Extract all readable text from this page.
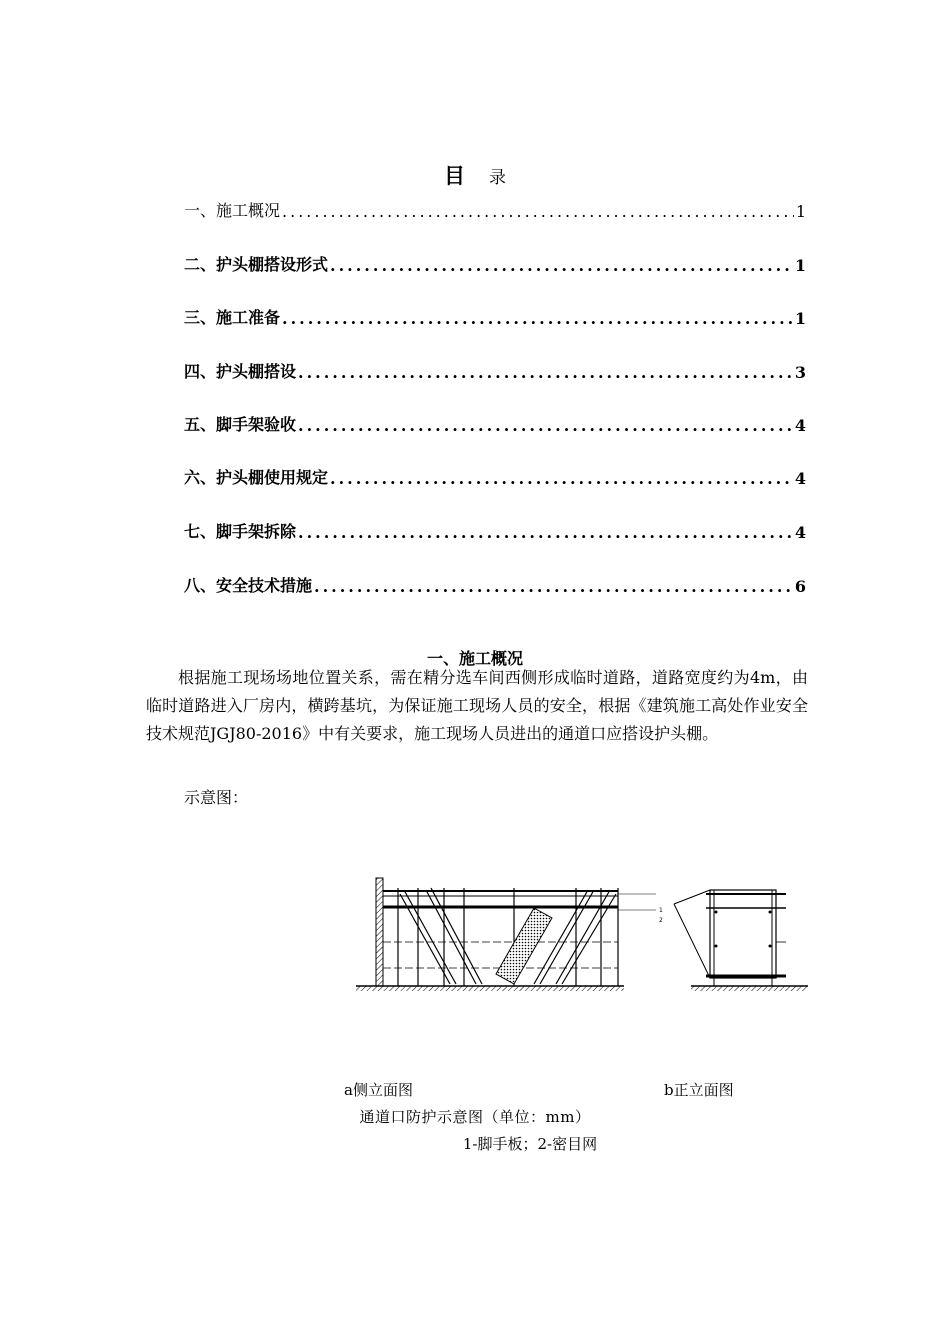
目 录
一、施工概况 .....	1
二、护头棚搭设形式 .....	1
三、施工准备 .....	1
四、护头棚搭设 .....	3
五、脚手架验收 .....	4
六、护头棚使用规定 .....	4
七、脚手架拆除 .....	4
八、安全技术措施 .....	6
一、施工概况

根据施工现场场地位置关系，需在精分选车间西侧形成临时道路，道路宽度约为4m，由临时道路进入厂房内，横跨基坑，为保证施工现场人员的安全，根据《建筑施工高处作业安全技术规范JGJ80-2016》中有关要求，施工现场人员进出的通道口应搭设护头棚。

示意图：
1
2
a侧立面图	b正立面图
通道口防护示意图（单位：mm）
1-脚手板；2-密目网
